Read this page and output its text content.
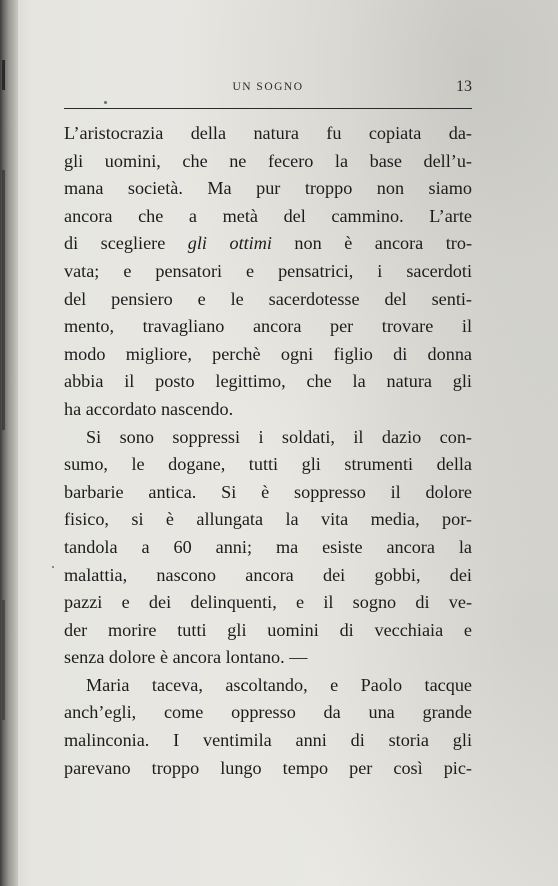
UN SOGNO	13
L’aristocrazia della natura fu copiata da-
gli uomini, che ne fecero la base dell’u-
mana società. Ma pur troppo non siamo
ancora che a metà del cammino. L’arte
di scegliere gli ottimi non è ancora tro-
vata; e pensatori e pensatrici, i sacerdoti
del pensiero e le sacerdotesse del senti-
mento, travagliano ancora per trovare il
modo migliore, perchè ogni figlio di donna
abbia il posto legittimo, che la natura gli
ha accordato nascendo.
Si sono soppressi i soldati, il dazio con-
sumo, le dogane, tutti gli strumenti della
barbarie antica. Si è soppresso il dolore
fisico, si è allungata la vita media, por-
tandola a 60 anni; ma esiste ancora la
malattia, nascono ancora dei gobbi, dei
pazzi e dei delinquenti, e il sogno di ve-
der morire tutti gli uomini di vecchiaia e
senza dolore è ancora lontano. —
Maria taceva, ascoltando, e Paolo tacque
anch’egli, come oppresso da una grande
malinconia. I ventimila anni di storia gli
parevano troppo lungo tempo per così pic-
